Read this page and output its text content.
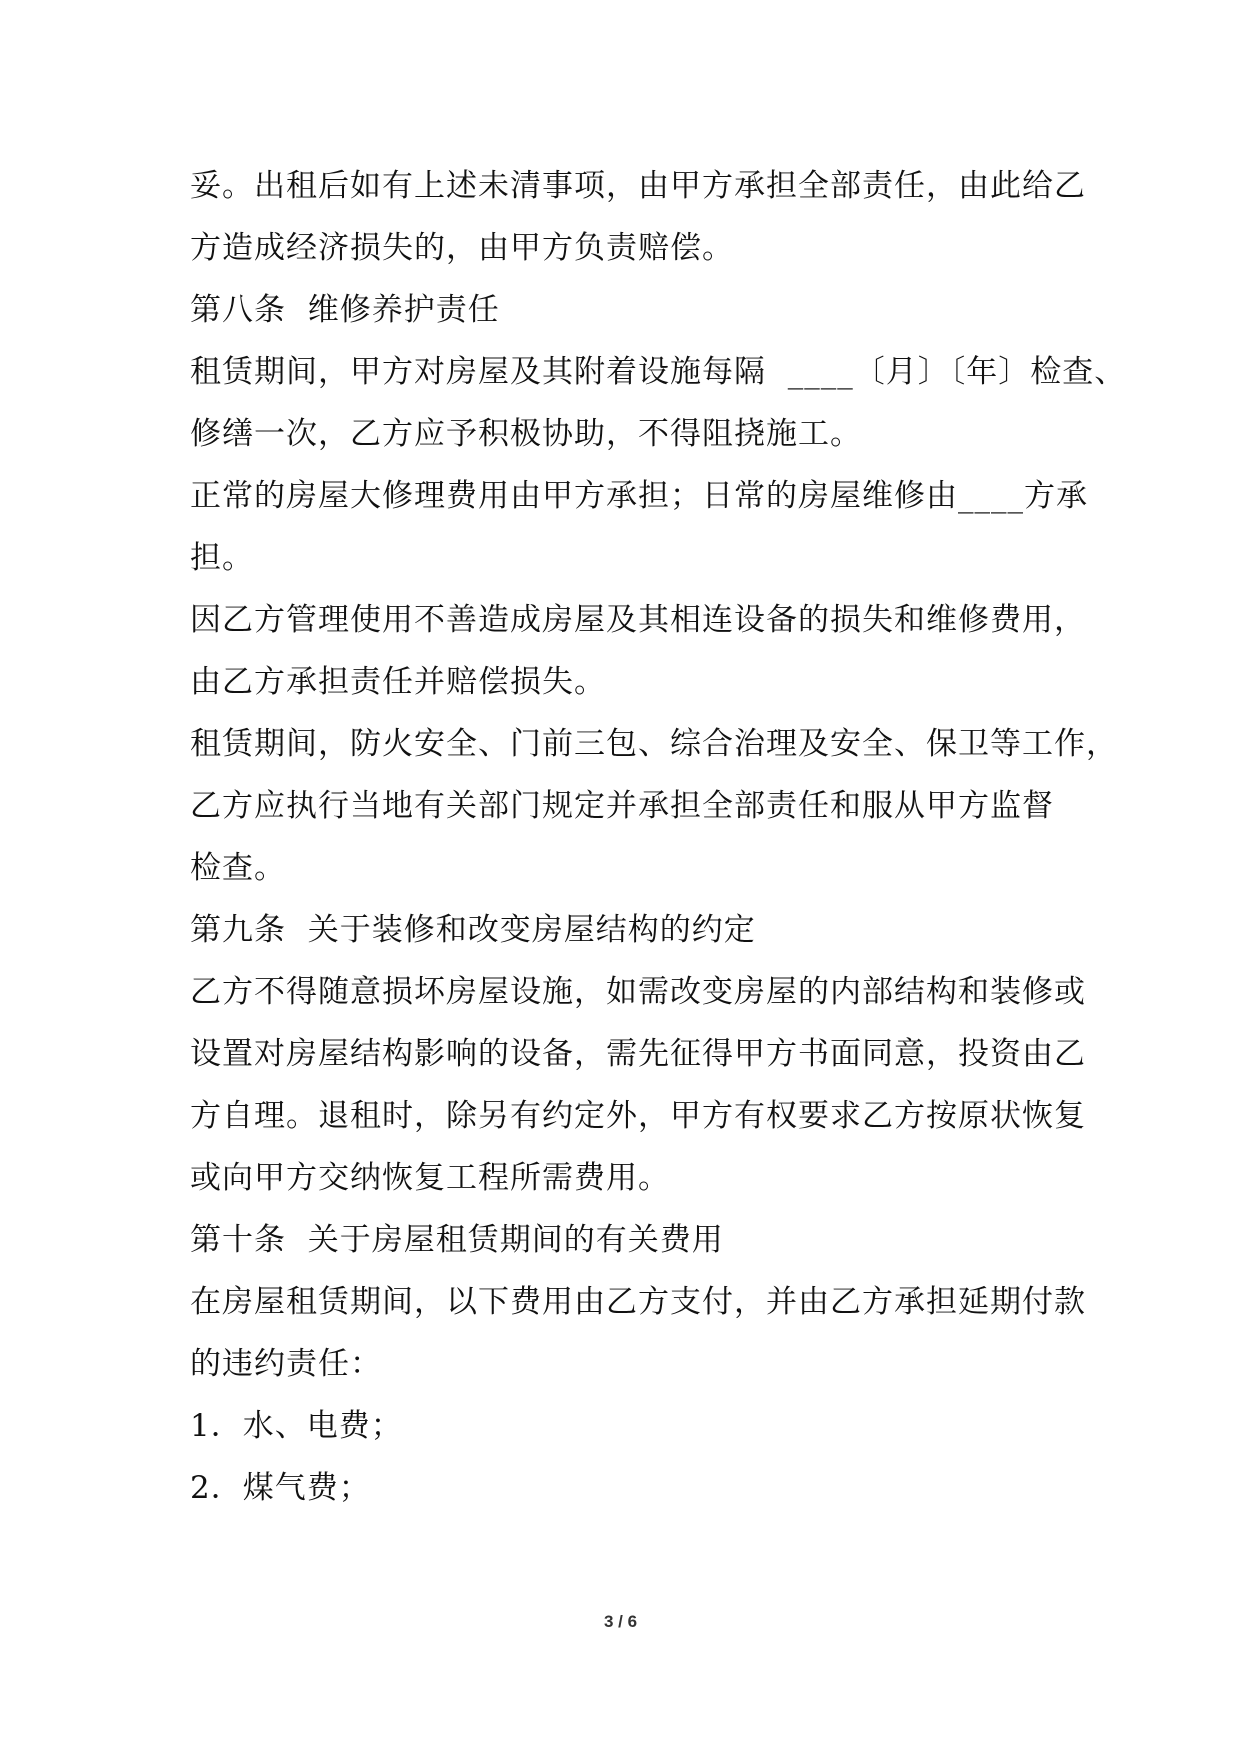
妥。出租后如有上述未清事项，由甲方承担全部责任，由此给乙
方造成经济损失的，由甲方负责赔偿。
第八条  维修养护责任
租赁期间，甲方对房屋及其附着设施每隔  ____〔月〕〔年〕检查、
修缮一次，乙方应予积极协助，不得阻挠施工。
正常的房屋大修理费用由甲方承担；日常的房屋维修由____方承
担。
因乙方管理使用不善造成房屋及其相连设备的损失和维修费用，
由乙方承担责任并赔偿损失。
租赁期间，防火安全、门前三包、综合治理及安全、保卫等工作，
乙方应执行当地有关部门规定并承担全部责任和服从甲方监督
检查。
第九条  关于装修和改变房屋结构的约定
乙方不得随意损坏房屋设施，如需改变房屋的内部结构和装修或
设置对房屋结构影响的设备，需先征得甲方书面同意，投资由乙
方自理。退租时，除另有约定外，甲方有权要求乙方按原状恢复
或向甲方交纳恢复工程所需费用。
第十条  关于房屋租赁期间的有关费用
在房屋租赁期间，以下费用由乙方支付，并由乙方承担延期付款
的违约责任：
1．水、电费；
2．煤气费；
3 / 6
